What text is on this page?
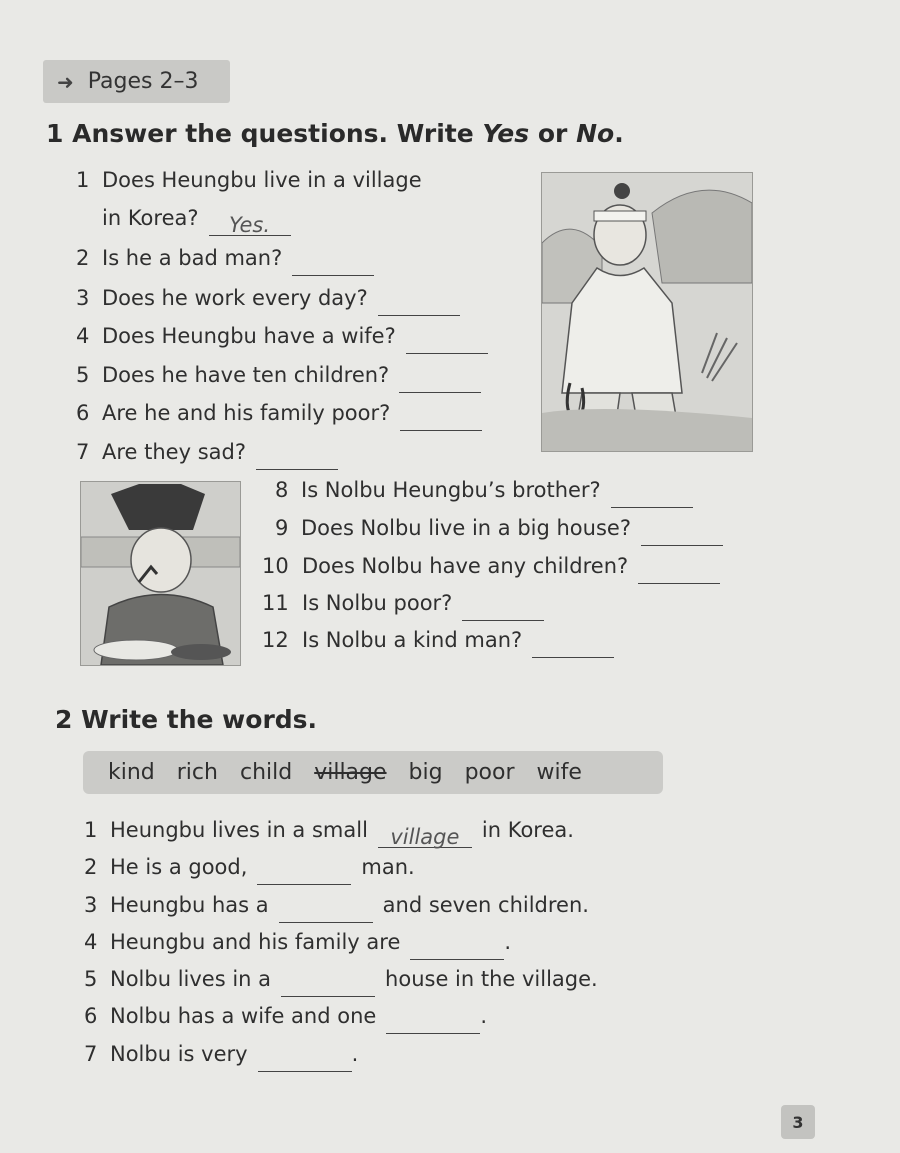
➜ Pages 2–3
1 Answer the questions. Write Yes or No.
1 Does Heungbu live in a village
in Korea?	Yes.
2 Is he a bad man?
3 Does he work every day?
4 Does Heungbu have a wife?
5 Does he have ten children?
6 Are he and his family poor?
7 Are they sad?
8 Is Nolbu Heungbu’s brother?
9 Does Nolbu live in a big house?
10 Does Nolbu have any children?
11 Is Nolbu poor?
12 Is Nolbu a kind man?
2 Write the words.
kind rich child village big poor wife
1 Heungbu lives in a small	village	in Korea.
2 He is a good,	man.
3 Heungbu has a	and seven children.
4 Heungbu and his family are	.
5 Nolbu lives in a	house in the village.
6 Nolbu has a wife and one	.
7 Nolbu is very	.
3
